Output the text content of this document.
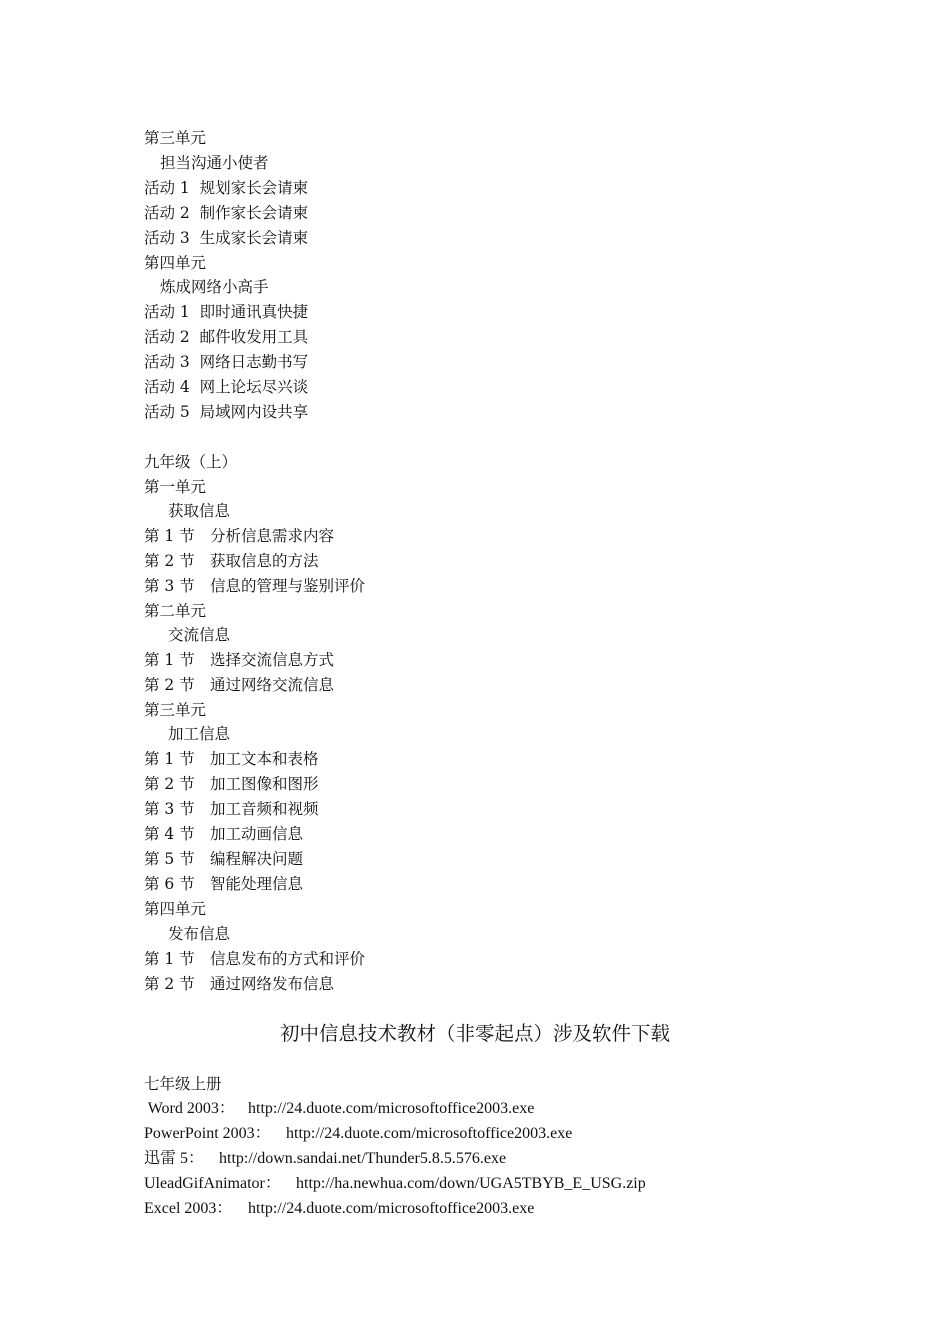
第三单元
担当沟通小使者
活动 1  规划家长会请柬
活动 2  制作家长会请柬
活动 3  生成家长会请柬
第四单元
炼成网络小高手
活动 1  即时通讯真快捷
活动 2  邮件收发用工具
活动 3  网络日志勤书写
活动 4  网上论坛尽兴谈
活动 5  局域网内设共享
九年级（上）
第一单元
获取信息
第 1 节 分析信息需求内容
第 2 节 获取信息的方法
第 3 节 信息的管理与鉴别评价
第二单元
交流信息
第 1 节 选择交流信息方式
第 2 节 通过网络交流信息
第三单元
加工信息
第 1 节 加工文本和表格
第 2 节 加工图像和图形
第 3 节 加工音频和视频
第 4 节 加工动画信息
第 5 节 编程解决问题
第 6 节 智能处理信息
第四单元
发布信息
第 1 节 信息发布的方式和评价
第 2 节 通过网络发布信息
初中信息技术教材（非零起点）涉及软件下载
七年级上册
Word 2003： http://24.duote.com/microsoftoffice2003.exe
PowerPoint 2003： http://24.duote.com/microsoftoffice2003.exe
迅雷 5： http://down.sandai.net/Thunder5.8.5.576.exe
UleadGifAnimator： http://ha.newhua.com/down/UGA5TBYB_E_USG.zip
Excel 2003： http://24.duote.com/microsoftoffice2003.exe
